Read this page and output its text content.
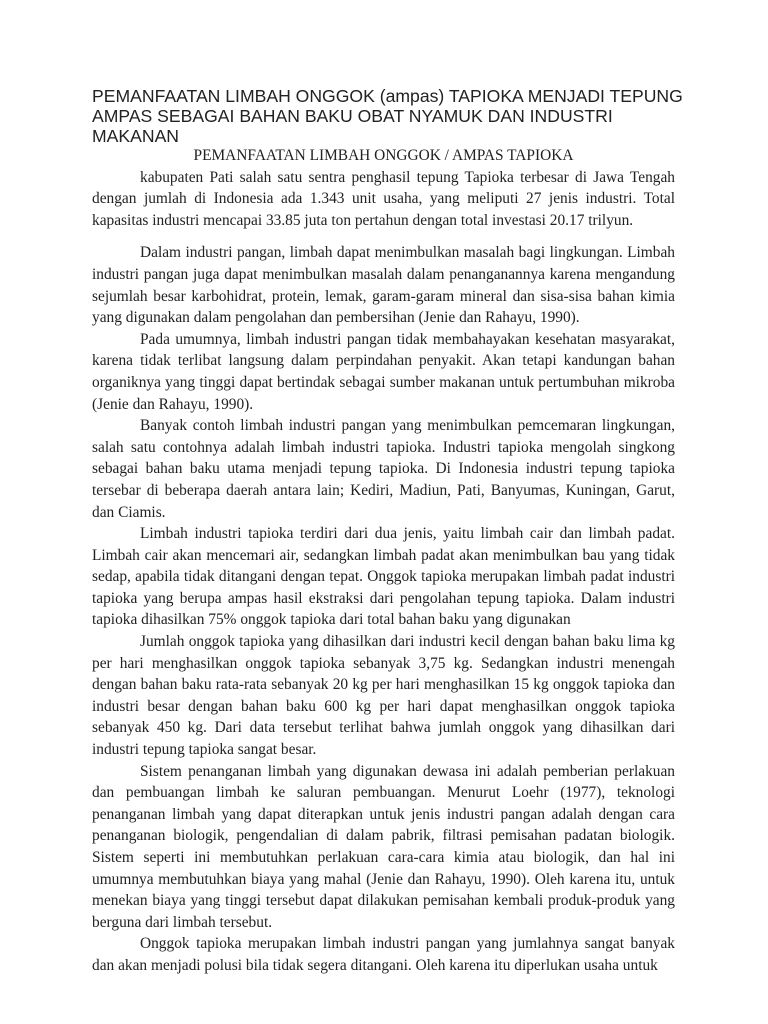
PEMANFAATAN LIMBAH ONGGOK (ampas) TAPIOKA MENJADI TEPUNG AMPAS SEBAGAI BAHAN BAKU OBAT NYAMUK DAN INDUSTRI MAKANAN
PEMANFAATAN LIMBAH ONGGOK / AMPAS TAPIOKA

kabupaten Pati salah satu sentra penghasil tepung Tapioka terbesar di Jawa Tengah dengan jumlah di Indonesia ada 1.343 unit usaha, yang meliputi 27 jenis industri. Total kapasitas industri mencapai 33.85 juta ton pertahun dengan total investasi 20.17 trilyun.

Dalam industri pangan, limbah dapat menimbulkan masalah bagi lingkungan. Limbah industri pangan juga dapat menimbulkan masalah dalam penanganannya karena mengandung sejumlah besar karbohidrat, protein, lemak, garam-garam mineral dan sisa-sisa bahan kimia yang digunakan dalam pengolahan dan pembersihan (Jenie dan Rahayu, 1990).

Pada umumnya, limbah industri pangan tidak membahayakan kesehatan masyarakat, karena tidak terlibat langsung dalam perpindahan penyakit. Akan tetapi kandungan bahan organiknya yang tinggi dapat bertindak sebagai sumber makanan untuk pertumbuhan mikroba (Jenie dan Rahayu, 1990).

Banyak contoh limbah industri pangan yang menimbulkan pemcemaran lingkungan, salah satu contohnya adalah limbah industri tapioka. Industri tapioka mengolah singkong sebagai bahan baku utama menjadi tepung tapioka. Di Indonesia industri tepung tapioka tersebar di beberapa daerah antara lain; Kediri, Madiun, Pati, Banyumas, Kuningan, Garut, dan Ciamis.

Limbah industri tapioka terdiri dari dua jenis, yaitu limbah cair dan limbah padat. Limbah cair akan mencemari air, sedangkan limbah padat akan menimbulkan bau yang tidak sedap, apabila tidak ditangani dengan tepat. Onggok tapioka merupakan limbah padat industri tapioka yang berupa ampas hasil ekstraksi dari pengolahan tepung tapioka. Dalam industri tapioka dihasilkan 75% onggok tapioka dari total bahan baku yang digunakan

Jumlah onggok tapioka yang dihasilkan dari industri kecil dengan bahan baku lima kg per hari menghasilkan onggok tapioka sebanyak 3,75 kg. Sedangkan industri menengah dengan bahan baku rata-rata sebanyak 20 kg per hari menghasilkan 15 kg onggok tapioka dan industri besar dengan bahan baku 600 kg per hari dapat menghasilkan onggok tapioka sebanyak 450 kg. Dari data tersebut terlihat bahwa jumlah onggok yang dihasilkan dari industri tepung tapioka sangat besar.

Sistem penanganan limbah yang digunakan dewasa ini adalah pemberian perlakuan dan pembuangan limbah ke saluran pembuangan. Menurut Loehr (1977), teknologi penanganan limbah yang dapat diterapkan untuk jenis industri pangan adalah dengan cara penanganan biologik, pengendalian di dalam pabrik, filtrasi pemisahan padatan biologik. Sistem seperti ini membutuhkan perlakuan cara-cara kimia atau biologik, dan hal ini umumnya membutuhkan biaya yang mahal (Jenie dan Rahayu, 1990). Oleh karena itu, untuk menekan biaya yang tinggi tersebut dapat dilakukan pemisahan kembali produk-produk yang berguna dari limbah tersebut.

Onggok tapioka merupakan limbah industri pangan yang jumlahnya sangat banyak dan akan menjadi polusi bila tidak segera ditangani. Oleh karena itu diperlukan usaha untuk
